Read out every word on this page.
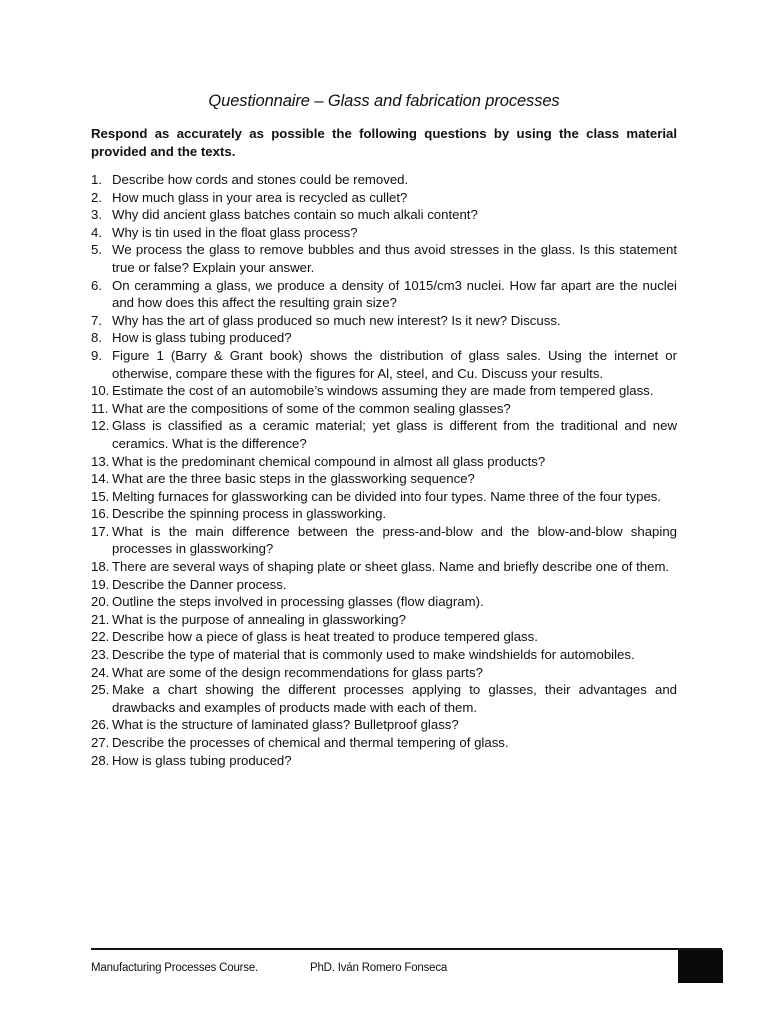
Questionnaire – Glass and fabrication processes
Respond as accurately as possible the following questions by using the class material provided and the texts.
1. Describe how cords and stones could be removed.
2. How much glass in your area is recycled as cullet?
3. Why did ancient glass batches contain so much alkali content?
4. Why is tin used in the float glass process?
5. We process the glass to remove bubbles and thus avoid stresses in the glass. Is this statement true or false? Explain your answer.
6. On ceramming a glass, we produce a density of 1015/cm3 nuclei. How far apart are the nuclei and how does this affect the resulting grain size?
7. Why has the art of glass produced so much new interest? Is it new? Discuss.
8. How is glass tubing produced?
9. Figure 1 (Barry & Grant book) shows the distribution of glass sales. Using the internet or otherwise, compare these with the figures for Al, steel, and Cu. Discuss your results.
10. Estimate the cost of an automobile’s windows assuming they are made from tempered glass.
11. What are the compositions of some of the common sealing glasses?
12. Glass is classified as a ceramic material; yet glass is different from the traditional and new ceramics. What is the difference?
13. What is the predominant chemical compound in almost all glass products?
14. What are the three basic steps in the glassworking sequence?
15. Melting furnaces for glassworking can be divided into four types. Name three of the four types.
16. Describe the spinning process in glassworking.
17. What is the main difference between the press-and-blow and the blow-and-blow shaping processes in glassworking?
18. There are several ways of shaping plate or sheet glass. Name and briefly describe one of them.
19. Describe the Danner process.
20. Outline the steps involved in processing glasses (flow diagram).
21. What is the purpose of annealing in glassworking?
22. Describe how a piece of glass is heat treated to produce tempered glass.
23. Describe the type of material that is commonly used to make windshields for automobiles.
24. What are some of the design recommendations for glass parts?
25. Make a chart showing the different processes applying to glasses, their advantages and drawbacks and examples of products made with each of them.
26. What is the structure of laminated glass? Bulletproof glass?
27. Describe the processes of chemical and thermal tempering of glass.
28. How is glass tubing produced?
Manufacturing Processes Course.	PhD. Iván Romero Fonseca
